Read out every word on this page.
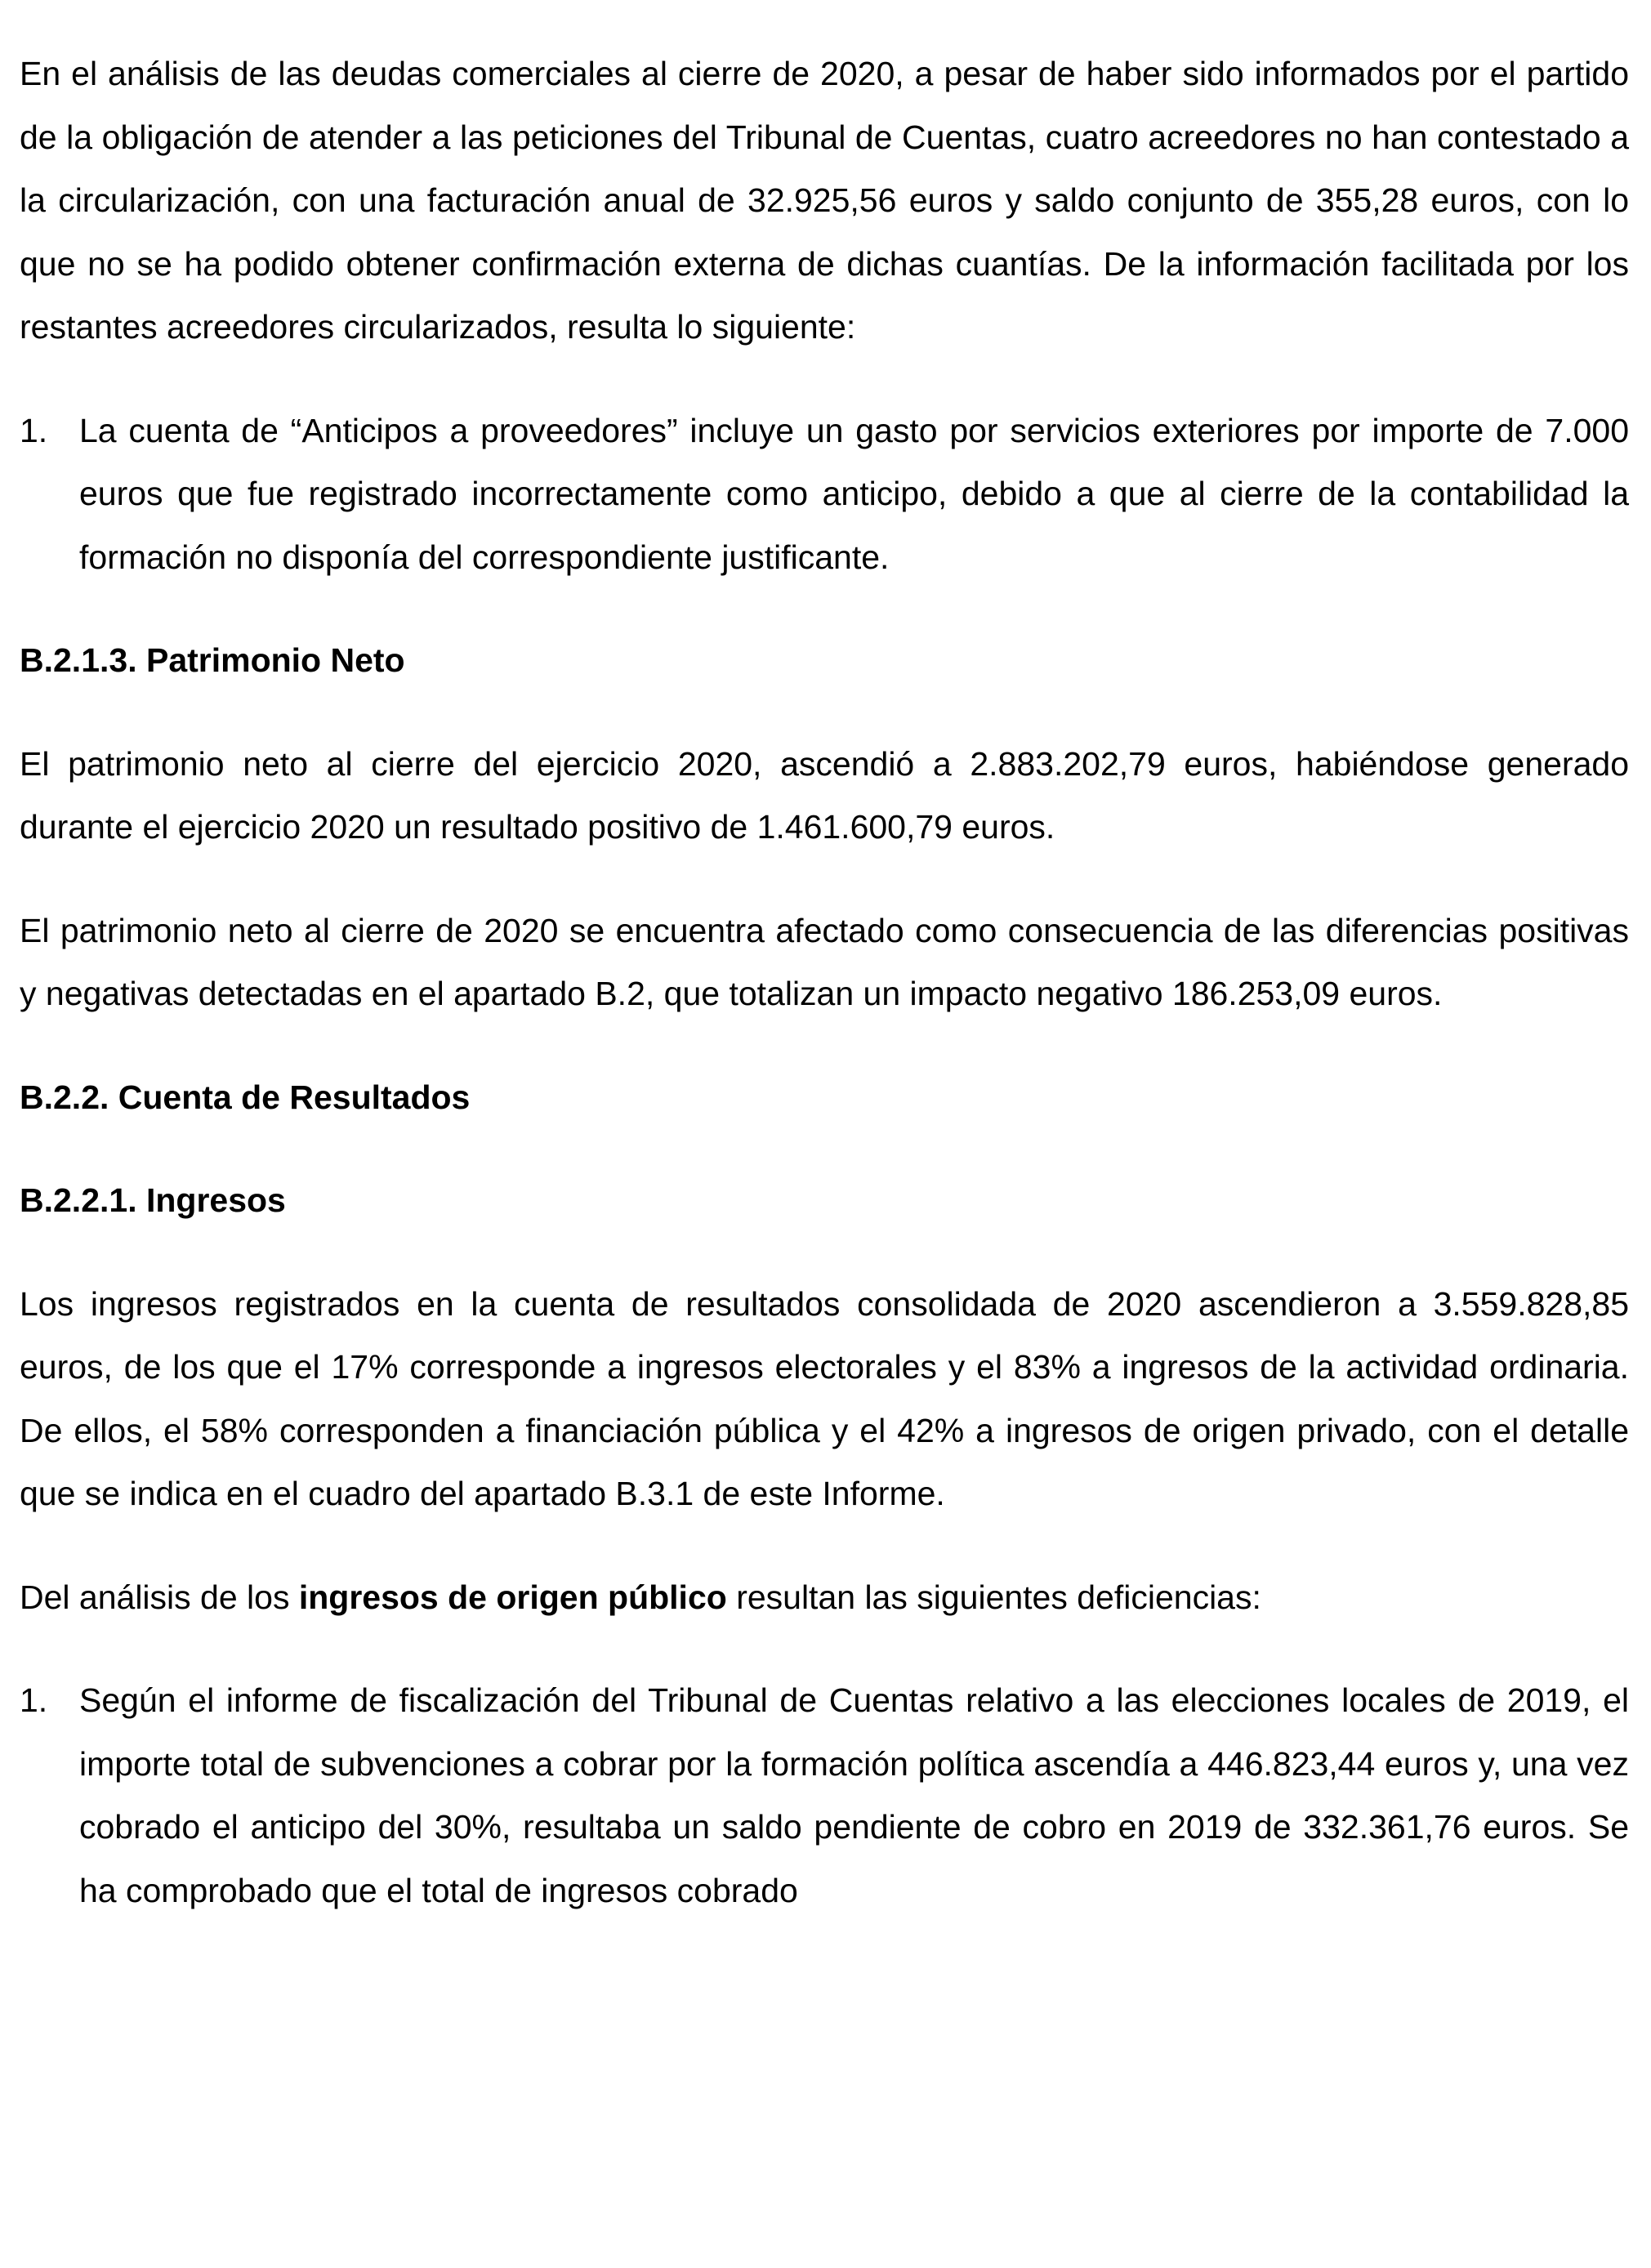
En el análisis de las deudas comerciales al cierre de 2020, a pesar de haber sido informados por el partido de la obligación de atender a las peticiones del Tribunal de Cuentas, cuatro acreedores no han contestado a la circularización, con una facturación anual de 32.925,56 euros y saldo conjunto de 355,28 euros, con lo que no se ha podido obtener confirmación externa de dichas cuantías. De la información facilitada por los restantes acreedores circularizados, resulta lo siguiente:

1. La cuenta de “Anticipos a proveedores” incluye un gasto por servicios exteriores por importe de 7.000 euros que fue registrado incorrectamente como anticipo, debido a que al cierre de la contabilidad la formación no disponía del correspondiente justificante.

B.2.1.3. Patrimonio Neto

El patrimonio neto al cierre del ejercicio 2020, ascendió a 2.883.202,79 euros, habiéndose generado durante el ejercicio 2020 un resultado positivo de 1.461.600,79 euros.

El patrimonio neto al cierre de 2020 se encuentra afectado como consecuencia de las diferencias positivas y negativas detectadas en el apartado B.2, que totalizan un impacto negativo 186.253,09 euros.

B.2.2. Cuenta de Resultados

B.2.2.1. Ingresos

Los ingresos registrados en la cuenta de resultados consolidada de 2020 ascendieron a 3.559.828,85 euros, de los que el 17% corresponde a ingresos electorales y el 83% a ingresos de la actividad ordinaria. De ellos, el 58% corresponden a financiación pública y el 42% a ingresos de origen privado, con el detalle que se indica en el cuadro del apartado B.3.1 de este Informe.

Del análisis de los ingresos de origen público resultan las siguientes deficiencias:

1. Según el informe de fiscalización del Tribunal de Cuentas relativo a las elecciones locales de 2019, el importe total de subvenciones a cobrar por la formación política ascendía a 446.823,44 euros y, una vez cobrado el anticipo del 30%, resultaba un saldo pendiente de cobro en 2019 de 332.361,76 euros. Se ha comprobado que el total de ingresos cobrado
